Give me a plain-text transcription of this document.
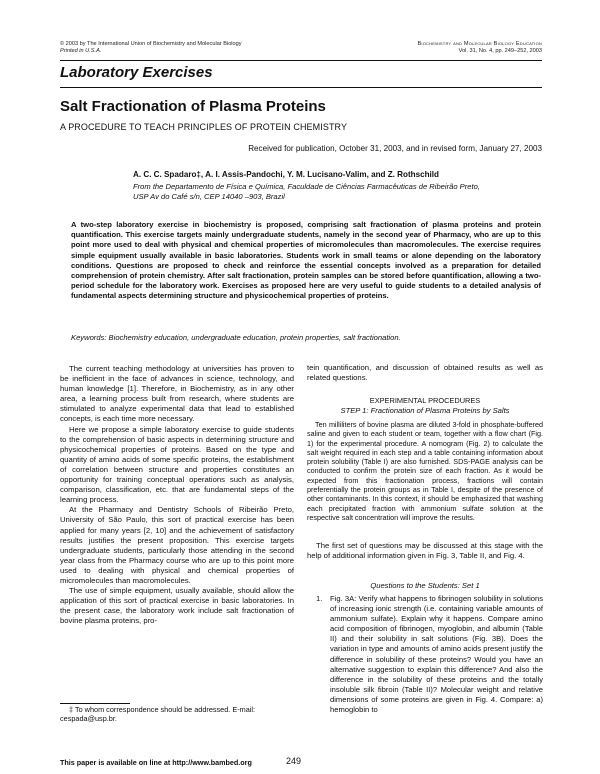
© 2003 by The International Union of Biochemistry and Molecular Biology
Printed in U.S.A.
Biochemistry and Molecular Biology Education
Vol. 31, No. 4, pp. 249–252, 2003
Laboratory Exercises
Salt Fractionation of Plasma Proteins
A PROCEDURE TO TEACH PRINCIPLES OF PROTEIN CHEMISTRY
Received for publication, October 31, 2003, and in revised form, January 27, 2003
A. C. C. Spadaro‡, A. I. Assis-Pandochi, Y. M. Lucisano-Valim, and Z. Rothschild
From the Departamento de Física e Química, Faculdade de Ciências Farmacêuticas de Ribeirão Preto,
USP Av do Café s/n, CEP 14040 –903, Brazil
A two-step laboratory exercise in biochemistry is proposed, comprising salt fractionation of plasma proteins and protein quantification. This exercise targets mainly undergraduate students, namely in the second year of Pharmacy, who are up to this point more used to deal with physical and chemical properties of micromolecules than macromolecules. The exercise requires simple equipment usually available in basic laboratories. Students work in small teams or alone depending on the laboratory conditions. Questions are proposed to check and reinforce the essential concepts involved as a preparation for detailed comprehension of protein chemistry. After salt fractionation, protein samples can be stored before quantification, allowing a two-period schedule for the laboratory work. Exercises as proposed here are very useful to guide students to a detailed analysis of fundamental aspects determining structure and physicochemical properties of proteins.
Keywords: Biochemistry education, undergraduate education, protein properties, salt fractionation.

The current teaching methodology at universities has proven to be inefficient in the face of advances in science, technology, and human knowledge [1]. Therefore, in Biochemistry, as in any other area, a learning process built from research, where students are stimulated to analyze experimental data that lead to established concepts, is each time more necessary.

Here we propose a simple laboratory exercise to guide students to the comprehension of basic aspects in determining structure and physicochemical properties of proteins. Based on the type and quantity of amino acids of some specific proteins, the establishment of correlation between structure and properties constitutes an opportunity for training conceptual operations such as analysis, comparison, classification, etc. that are fundamental steps of the learning process.

At the Pharmacy and Dentistry Schools of Ribeirão Preto, University of São Paulo, this sort of practical exercise has been applied for many years [2, 10] and the achievement of satisfactory results justifies the present proposition. This exercise targets undergraduate students, particularly those attending in the second year class from the Pharmacy course who are up to this point more used to dealing with physical and chemical properties of micromolecules than macromolecules.

The use of simple equipment, usually available, should allow the application of this sort of practical exercise in basic laboratories. In the present case, the laboratory work include salt fractionation of bovine plasma proteins, pro-

‡ To whom correspondence should be addressed. E-mail: cespada@usp.br.

tein quantification, and discussion of obtained results as well as related questions.

EXPERIMENTAL PROCEDURES
STEP 1: Fractionation of Plasma Proteins by Salts

Ten milliliters of bovine plasma are diluted 3-fold in phosphate-buffered saline and given to each student or team, together with a flow chart (Fig. 1) for the experimental procedure. A nomogram (Fig. 2) to calculate the salt weight required in each step and a table containing information about protein solubility (Table I) are also furnished. SDS-PAGE analysis can be conducted to confirm the protein size of each fraction. As it would be expected from this fractionation process, fractions will contain preferentially the protein groups as in Table I, despite of the presence of other contaminants. In this context, it should be emphasized that washing each precipitated fraction with ammonium sulfate solution at the respective salt concentration will improve the results.

The first set of questions may be discussed at this stage with the help of additional information given in Fig. 3, Table II, and Fig. 4.

Questions to the Students: Set 1
1. Fig. 3A: Verify what happens to fibrinogen solubility in solutions of increasing ionic strength (i.e. containing variable amounts of ammonium sulfate). Explain why it happens. Compare amino acid composition of fibrinogen, myoglobin, and albumin (Table II) and their solubility in salt solutions (Fig. 3B). Does the variation in type and amounts of amino acids present justify the difference in solubility of these proteins? Would you have an alternative suggestion to explain this difference? And also the difference in the solubility of these proteins and the totally insoluble silk fibroin (Table II)? Molecular weight and relative dimensions of some proteins are given in Fig. 4. Compare: a) hemoglobin to
This paper is available on line at http://www.bambed.org	249
